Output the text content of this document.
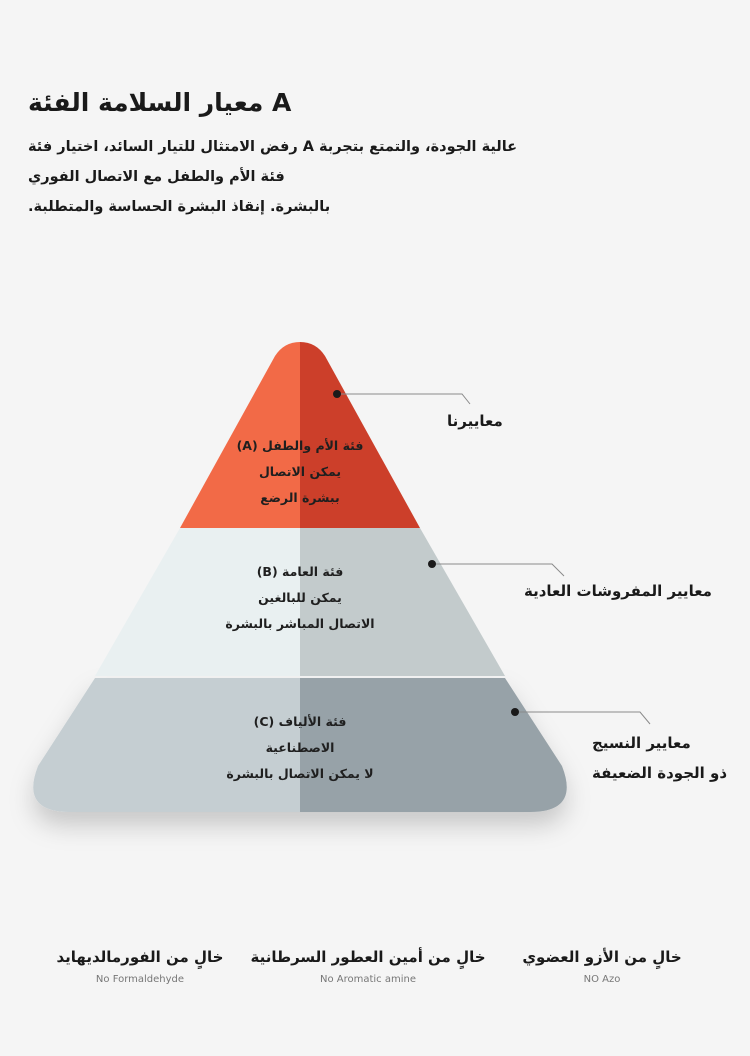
A معيار السلامة الفئة
عالية الجودة، والتمتع بتجربة A رفض الامتثال للتيار السائد، اختيار فئة
فئة الأم والطفل مع الاتصال الفوري
بالبشرة. إنقاذ البشرة الحساسة والمتطلبة.
فئة الأم والطفل (A)
يمكن الاتصال
ببشرة الرضع
فئة العامة (B)
يمكن للبالغين
الاتصال المباشر بالبشرة
فئة الألياف (C)
الاصطناعية
لا يمكن الاتصال بالبشرة
معاييرنا
معايير المفروشات العادية
معايير النسيج
ذو الجودة الضعيفة
خالٍ من الفورمالديهايد
No Formaldehyde
خالٍ من أمين العطور السرطانية
No Aromatic amine
خالٍ من الأزو العضوي
NO Azo
